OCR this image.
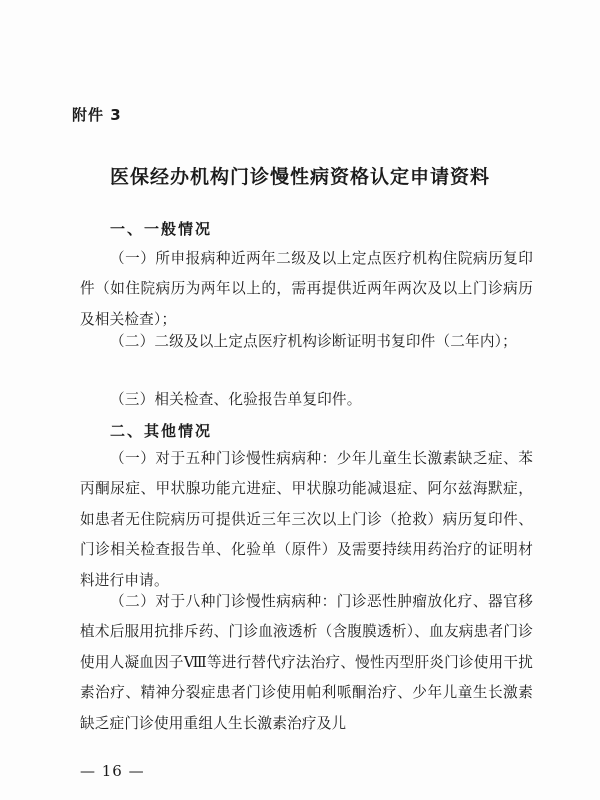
附件 3
医保经办机构门诊慢性病资格认定申请资料
一、一般情况
（一）所申报病种近两年二级及以上定点医疗机构住院病历复印件（如住院病历为两年以上的，需再提供近两年两次及以上门诊病历及相关检查）；
（二）二级及以上定点医疗机构诊断证明书复印件（二年内）；
（三）相关检查、化验报告单复印件。
二、其他情况
（一）对于五种门诊慢性病病种：少年儿童生长激素缺乏症、苯丙酮尿症、甲状腺功能亢进症、甲状腺功能减退症、阿尔兹海默症，如患者无住院病历可提供近三年三次以上门诊（抢救）病历复印件、门诊相关检查报告单、化验单（原件）及需要持续用药治疗的证明材料进行申请。
（二）对于八种门诊慢性病病种：门诊恶性肿瘤放化疗、器官移植术后服用抗排斥药、门诊血液透析（含腹膜透析）、血友病患者门诊使用人凝血因子Ⅷ等进行替代疗法治疗、慢性丙型肝炎门诊使用干扰素治疗、精神分裂症患者门诊使用帕利哌酮治疗、少年儿童生长激素缺乏症门诊使用重组人生长激素治疗及儿
— 16 —
